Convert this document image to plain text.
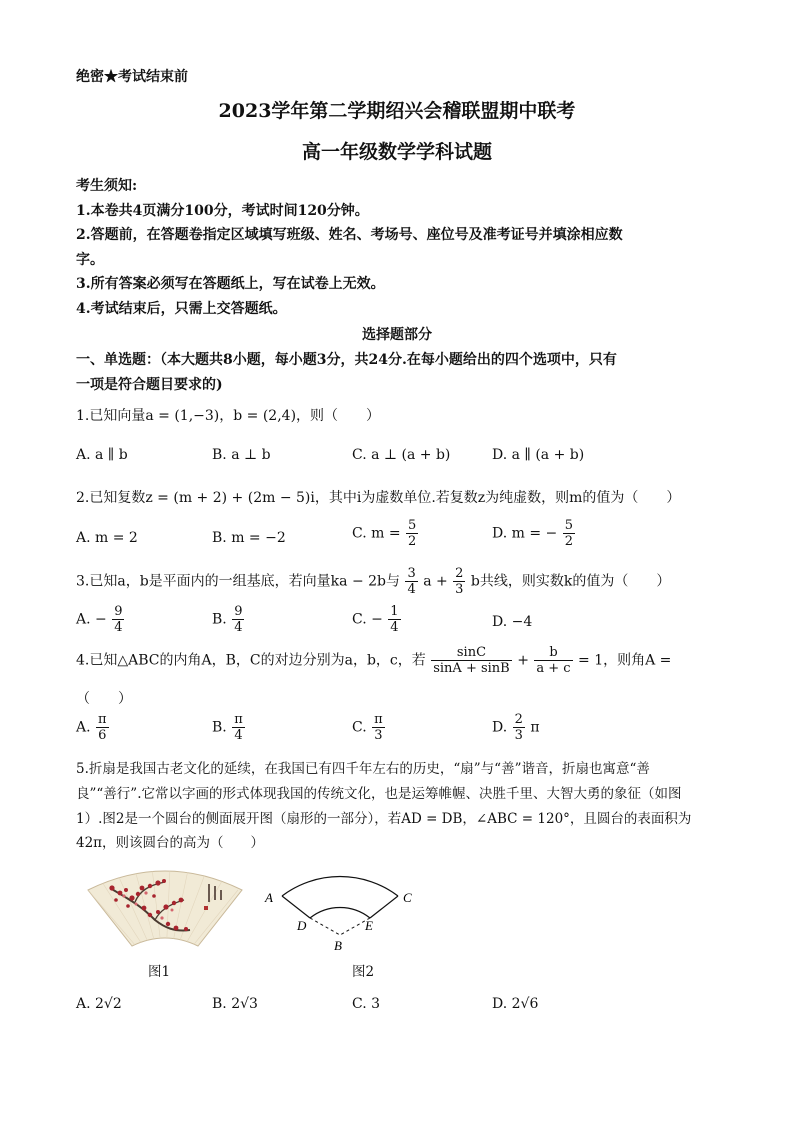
绝密★考试结束前
2023学年第二学期绍兴会稽联盟期中联考
高一年级数学学科试题
考生须知:
1.本卷共4页满分100分，考试时间120分钟。
2.答题前，在答题卷指定区域填写班级、姓名、考场号、座位号及准考证号并填涂相应数
字。
3.所有答案必须写在答题纸上，写在试卷上无效。
4.考试结束后，只需上交答题纸。
选择题部分
一、单选题：（本大题共8小题，每小题3分，共24分.在每小题给出的四个选项中，只有
一项是符合题目要求的)
1.已知向量a = (1,−3)，b = (2,4)，则（　　）
A. a ∥ b	B. a ⊥ b	C. a ⊥ (a + b)	D. a ∥ (a + b)
2.已知复数z = (m + 2) + (2m − 5)i，其中i为虚数单位.若复数z为纯虚数，则m的值为（　　）
A. m = 2	B. m = −2	C. $m = \frac{5}{2}$	D. m = − $\frac{5}{2}$
3.已知a，b是平面内的一组基底，若向量ka − 2b与 $\frac{3}{4}$ $a + \frac{2}{3}$ b共线，则实数k的值为（　　）
A. − $\frac{9}{4}$	B. $\frac{9}{4}$	C. − $\frac{1}{4}$	D. −4
4.已知△ABC的内角A，B，C的对边分别为a，b，c，若 $\frac{\sin C}{\sin A + \sin B} + \frac{b}{a + c} = 1$，则角A =
（　　）
A. $\frac{\pi}{6}$	B. $\frac{\pi}{4}$	C. $\frac{\pi}{3}$	D. $\frac{2}{3}$ π
5.折扇是我国古老文化的延续，在我国已有四千年左右的历史，“扇”与“善”谐音，折扇也寓意“善
良”“善行”.它常以字画的形式体现我国的传统文化，也是运筹帷幄、决胜千里、大智大勇的象征（如图
1）.图2是一个圆台的侧面展开图（扇形的一部分），若AD = DB，∠ABC = 120°，且圆台的表面积为
42π，则该圆台的高为（　　）
图1
A	C
D	E
B
图2
A. 2√2	B. 2√3	C. 3	D. 2√6
